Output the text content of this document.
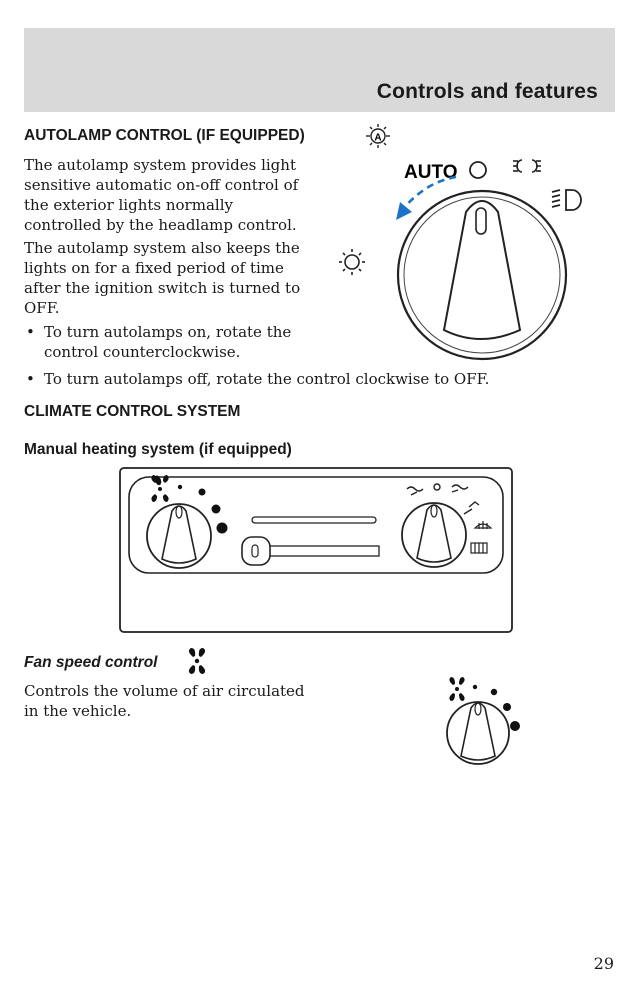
Controls and features
AUTOLAMP CONTROL (IF EQUIPPED)	A
The autolamp system provides light
sensitive automatic on-off control of
the exterior lights normally
controlled by the headlamp control.
The autolamp system also keeps the
lights on for a fixed period of time
after the ignition switch is turned to
OFF.
• To turn autolamps on, rotate the
control counterclockwise.
• To turn autolamps off, rotate the control clockwise to OFF.
AUTO
CLIMATE CONTROL SYSTEM
Manual heating system (if equipped)
Fan speed control
Controls the volume of air circulated
in the vehicle.
29
